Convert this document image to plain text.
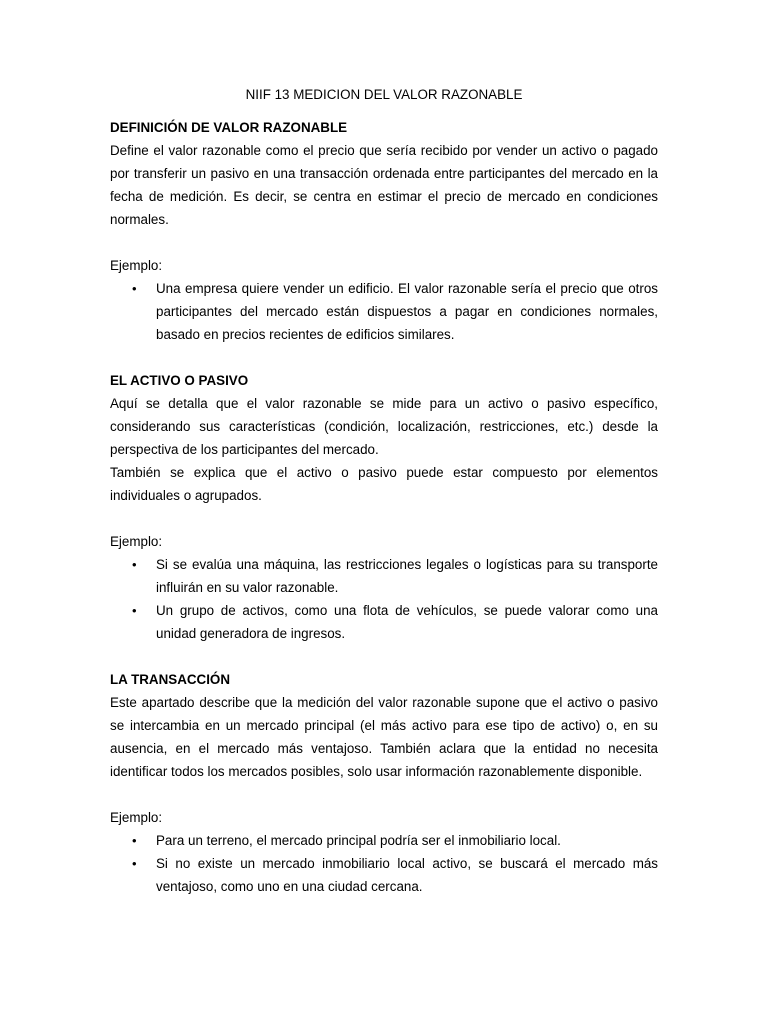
NIIF 13 MEDICION DEL VALOR RAZONABLE
DEFINICIÓN DE VALOR RAZONABLE

Define el valor razonable como el precio que sería recibido por vender un activo o pagado por transferir un pasivo en una transacción ordenada entre participantes del mercado en la fecha de medición. Es decir, se centra en estimar el precio de mercado en condiciones normales.

Ejemplo:
• Una empresa quiere vender un edificio. El valor razonable sería el precio que otros participantes del mercado están dispuestos a pagar en condiciones normales, basado en precios recientes de edificios similares.
EL ACTIVO O PASIVO

Aquí se detalla que el valor razonable se mide para un activo o pasivo específico, considerando sus características (condición, localización, restricciones, etc.) desde la perspectiva de los participantes del mercado.

También se explica que el activo o pasivo puede estar compuesto por elementos individuales o agrupados.

Ejemplo:
• Si se evalúa una máquina, las restricciones legales o logísticas para su transporte influirán en su valor razonable.
• Un grupo de activos, como una flota de vehículos, se puede valorar como una unidad generadora de ingresos.
LA TRANSACCIÓN

Este apartado describe que la medición del valor razonable supone que el activo o pasivo se intercambia en un mercado principal (el más activo para ese tipo de activo) o, en su ausencia, en el mercado más ventajoso. También aclara que la entidad no necesita identificar todos los mercados posibles, solo usar información razonablemente disponible.

Ejemplo:
• Para un terreno, el mercado principal podría ser el inmobiliario local.
• Si no existe un mercado inmobiliario local activo, se buscará el mercado más ventajoso, como uno en una ciudad cercana.
